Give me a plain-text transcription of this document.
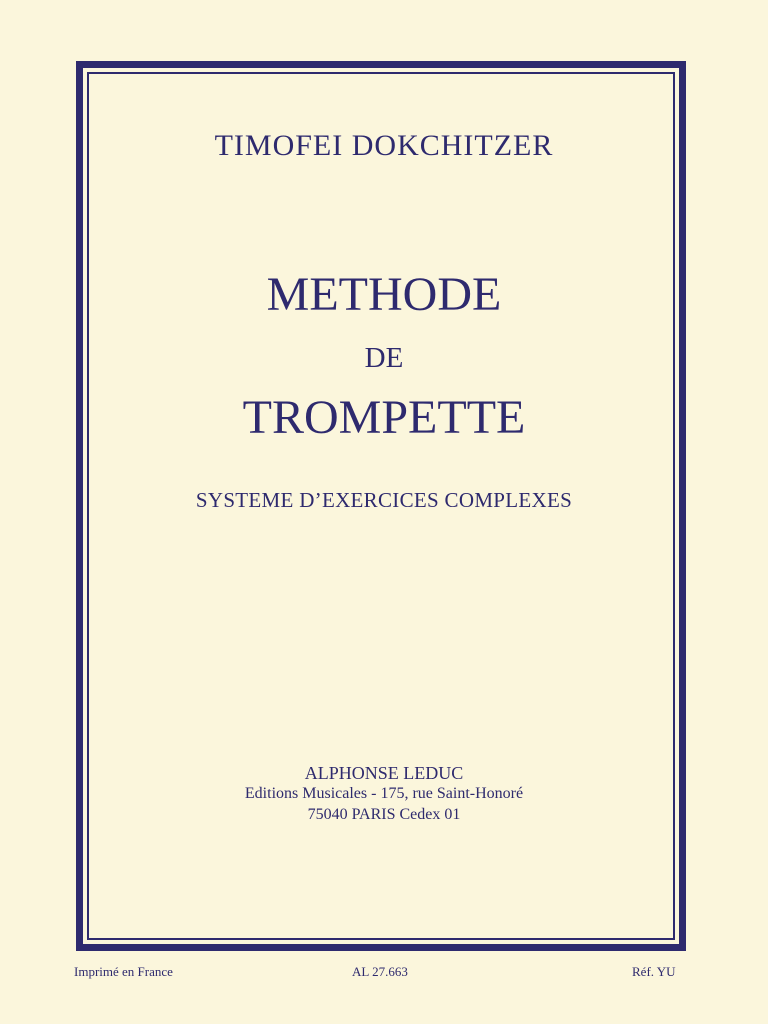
TIMOFEI DOKCHITZER
METHODE
DE
TROMPETTE
SYSTEME D’EXERCICES COMPLEXES
ALPHONSE LEDUC
Editions Musicales - 175, rue Saint-Honoré
75040 PARIS Cedex 01
Imprimé en France	AL 27.663	Réf. YU
